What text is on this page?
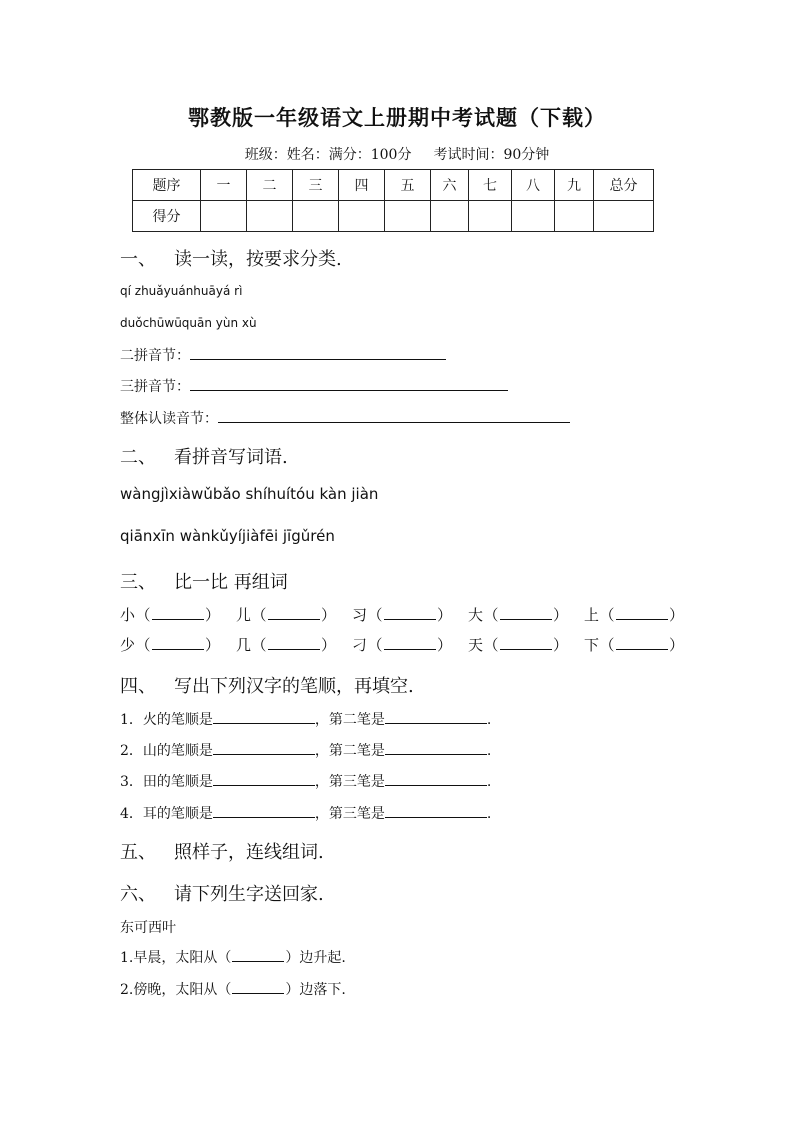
鄂教版一年级语文上册期中考试题（下载）
班级：姓名：满分：100分 考试时间：90分钟
题序	一	二	三	四	五	六	七	八	九	总分
得分										
一、 读一读，按要求分类.
qí zhuǎyuánhuāyá rì
duǒchūwūquān yùn xù
二拼音节：
三拼音节：
整体认读音节：
二、 看拼音写词语.
wàngjìxiàwǔbǎo shíhuítóu kàn jiàn
qiānxīn wànkǔyíjiàfēi jīgǔrén
三、 比一比 再组词
小（	） 儿（	） 习（	） 大（	） 上（	）
少（	） 几（	） 刁（	） 天（	） 下（	）
四、 写出下列汉字的笔顺，再填空.
1．火的笔顺是	，第二笔是	.
2．山的笔顺是	，第二笔是	.
3．田的笔顺是	，第三笔是	.
4．耳的笔顺是	，第三笔是	.
五、 照样子，连线组词.
六、 请下列生字送回家.
东可西叶
1.早晨，太阳从（	）边升起.
2.傍晚，太阳从（	）边落下.
